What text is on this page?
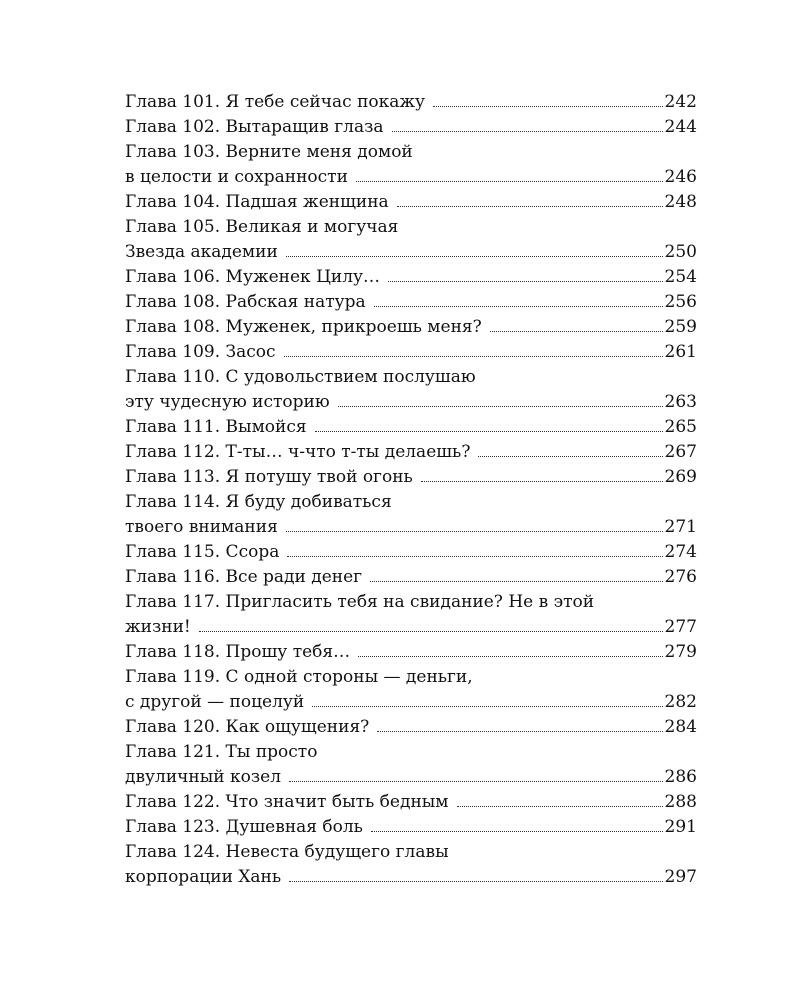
Глава 101. Я тебе сейчас покажу	242
Глава 102. Вытаращив глаза	244
Глава 103. Верните меня домой
в целости и сохранности	246
Глава 104. Падшая женщина	248
Глава 105. Великая и могучая
Звезда академии	250
Глава 106. Муженек Цилу…	254
Глава 108. Рабская натура	256
Глава 108. Муженек, прикроешь меня?	259
Глава 109. Засос	261
Глава 110. С удовольствием послушаю
эту чудесную историю	263
Глава 111. Вымойся	265
Глава 112. Т-ты… ч-что т-ты делаешь?	267
Глава 113. Я потушу твой огонь	269
Глава 114. Я буду добиваться
твоего внимания	271
Глава 115. Ссора	274
Глава 116. Все ради денег	276
Глава 117. Пригласить тебя на свидание? Не в этой
жизни!	277
Глава 118. Прошу тебя…	279
Глава 119. С одной стороны — деньги,
с другой — поцелуй	282
Глава 120. Как ощущения?	284
Глава 121. Ты просто
двуличный козел	286
Глава 122. Что значит быть бедным	288
Глава 123. Душевная боль	291
Глава 124. Невеста будущего главы
корпорации Хань	297
